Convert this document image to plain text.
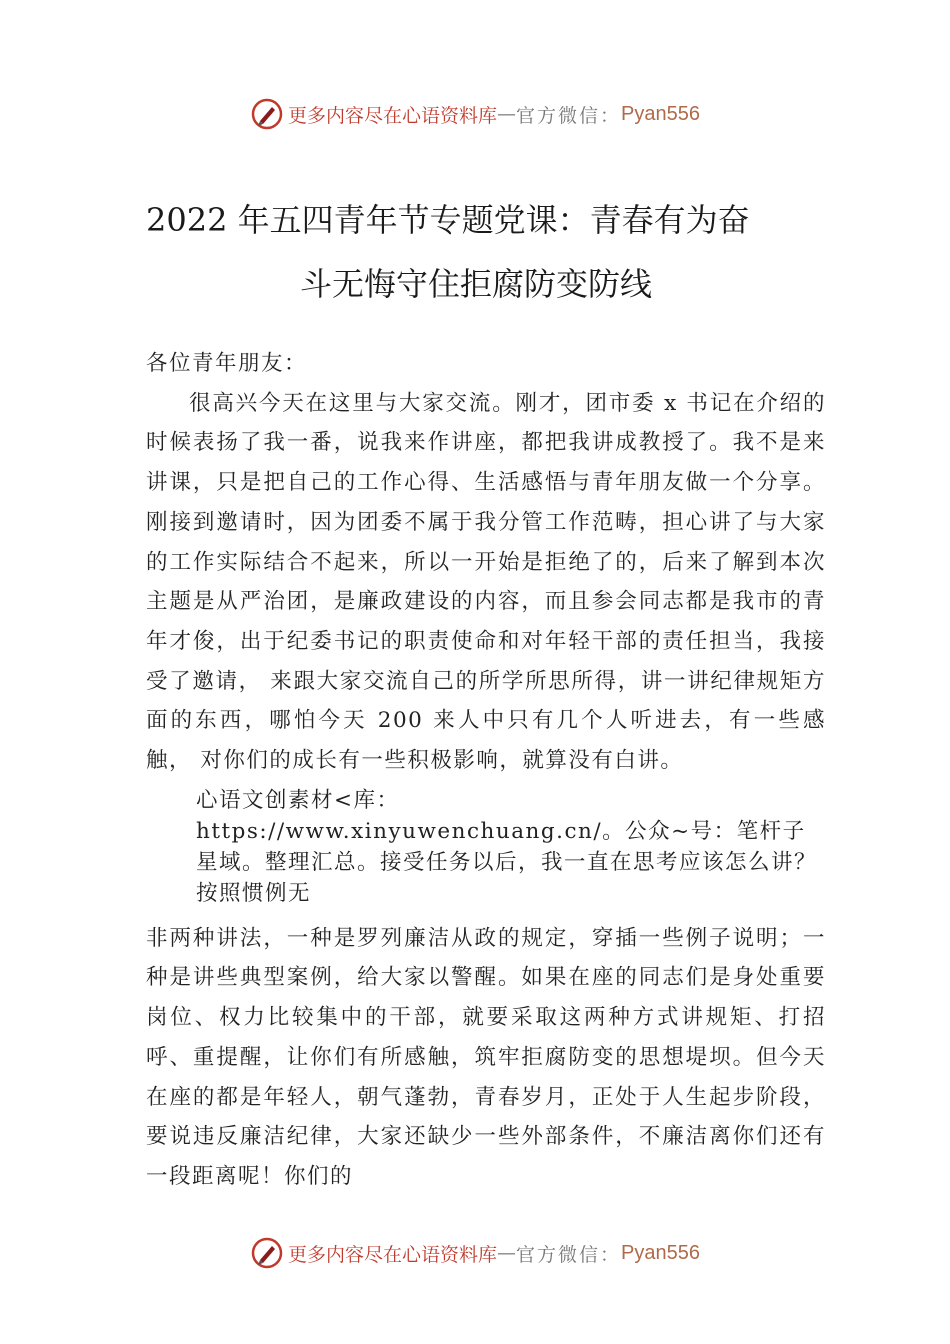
更多内容尽在心语资料库 — 官方微信： Pyan556
2022 年五四青年节专题党课：青春有为奋
斗无悔守住拒腐防变防线

各位青年朋友：

很高兴今天在这里与大家交流。刚才，团市委 x 书记在介绍的时候表扬了我一番，说我来作讲座，都把我讲成教授了。我不是来讲课，只是把自己的工作心得、生活感悟与青年朋友做一个分享。刚接到邀请时，因为团委不属于我分管工作范畴，担心讲了与大家的工作实际结合不起来，所以一开始是拒绝了的，后来了解到本次主题是从严治团，是廉政建设的内容，而且参会同志都是我市的青年才俊，出于纪委书记的职责使命和对年轻干部的责任担当，我接受了邀请， 来跟大家交流自己的所学所思所得，讲一讲纪律规矩方面的东西，哪怕今天 200 来人中只有几个人听进去，有一些感触， 对你们的成长有一些积极影响，就算没有白讲。

心语文创素材<库：https://www.xinyuwenchuang.cn/。公众~号：笔杆子星域。整理汇总。接受任务以后，我一直在思考应该怎么讲？按照惯例无

非两种讲法，一种是罗列廉洁从政的规定，穿插一些例子说明；一种是讲些典型案例，给大家以警醒。如果在座的同志们是身处重要岗位、权力比较集中的干部，就要采取这两种方式讲规矩、打招呼、重提醒，让你们有所感触，筑牢拒腐防变的思想堤坝。但今天在座的都是年轻人，朝气蓬勃，青春岁月，正处于人生起步阶段，要说违反廉洁纪律，大家还缺少一些外部条件，不廉洁离你们还有一段距离呢！你们的

更多内容尽在心语资料库 — 官方微信： Pyan556
